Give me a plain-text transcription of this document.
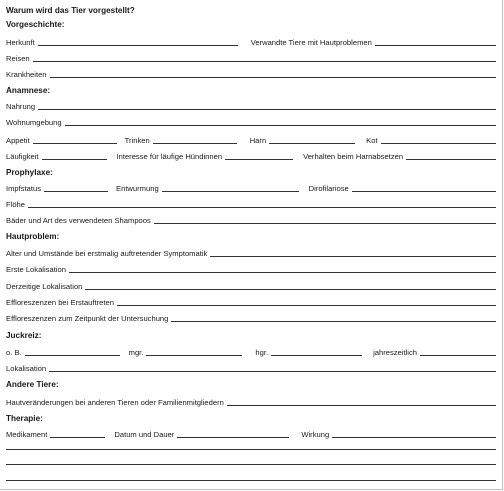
Warum wird das Tier vorgestellt?
Vorgeschichte:
Herkunft	Verwandte Tiere mit Hautproblemen
Reisen
Krankheiten
Anamnese:
Nahrung
Wohnumgebung
Appetit	Trinken	Harn	Kot
Läufigkeit	Interesse für läufige Hündinnen	Verhalten beim Harnabsetzen
Prophylaxe:
Impfstatus	Entwurmung	Dirofilariose
Flöhe
Bäder und Art des verwendeten Shampoos
Hautproblem:
Alter und Umstände bei erstmalig auftretender Symptomatik
Erste Lokalisation
Derzeitige Lokalisation
Effloreszenzen bei Erstauftreten
Effloreszenzen zum Zeitpunkt der Untersuchung
Juckreiz:
o. B.	mgr.	hgr.	jahreszeitlich
Lokalisation
Andere Tiere:
Hautveränderungen bei anderen Tieren oder Familienmitgliedern
Therapie:
Medikament	Datum und Dauer	Wirkung
